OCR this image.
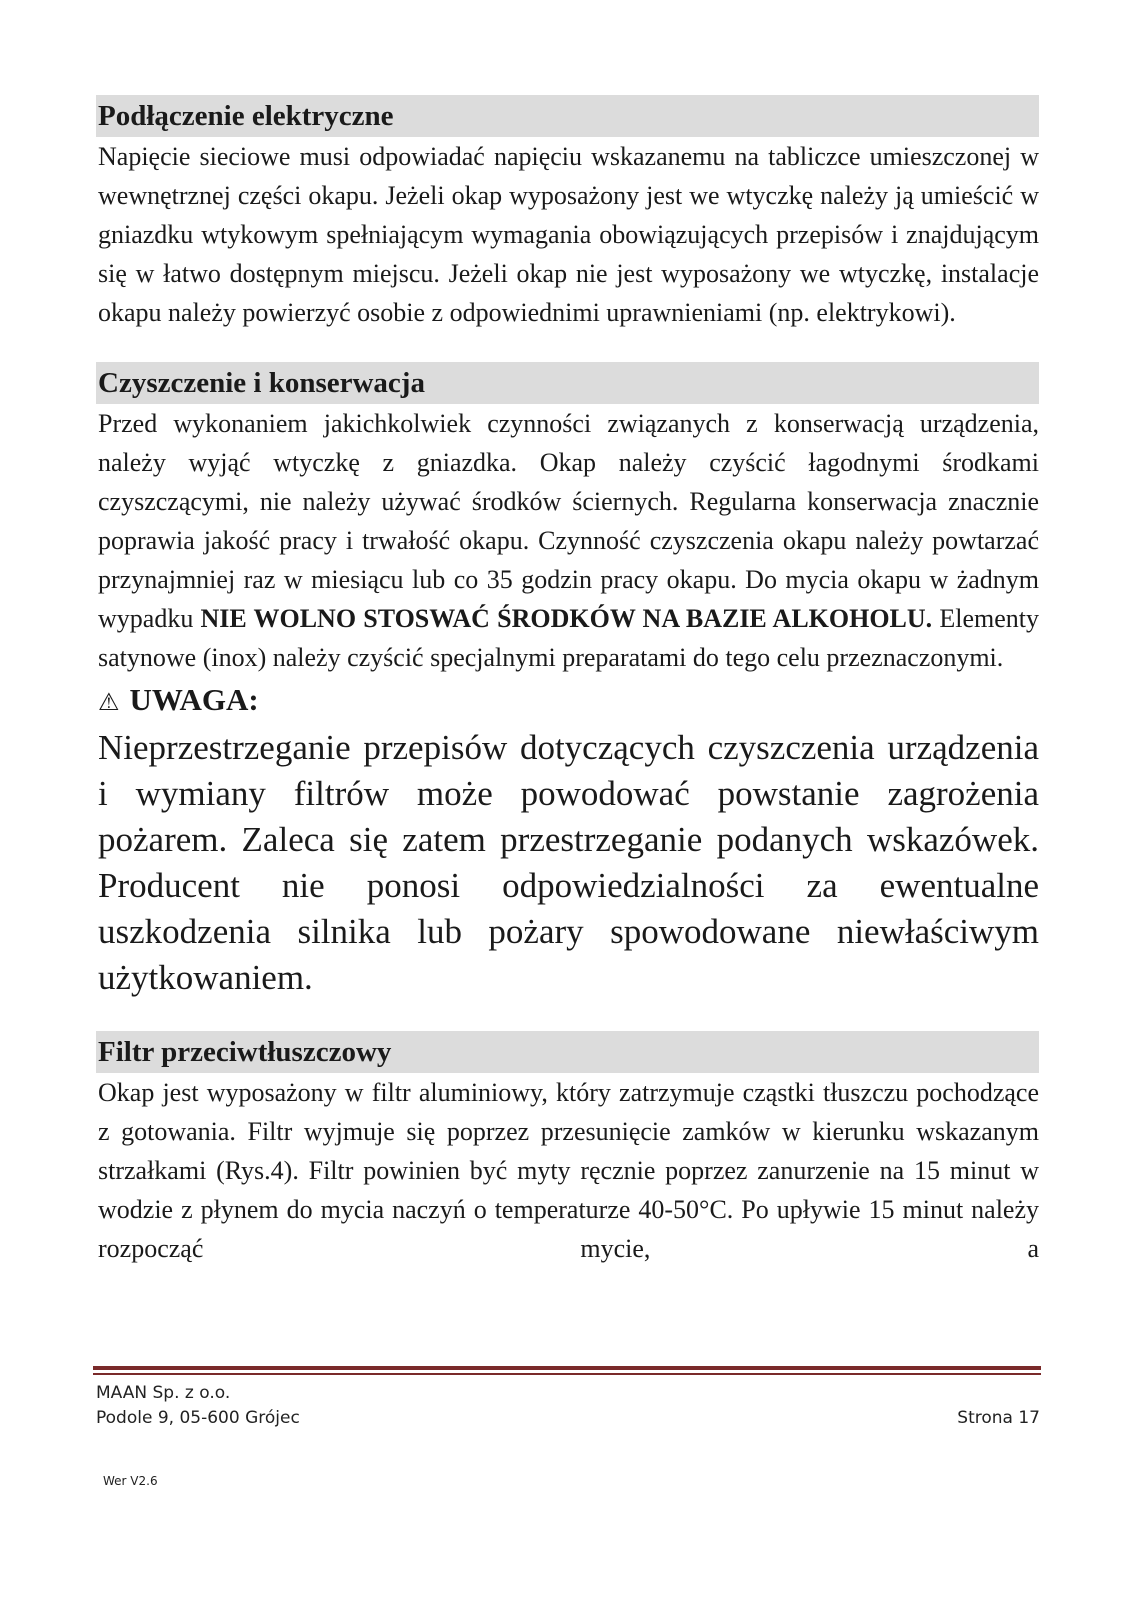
Podłączenie elektryczne

Napięcie sieciowe musi odpowiadać napięciu wskazanemu na tabliczce umieszczonej w wewnętrznej części okapu. Jeżeli okap wyposażony jest we wtyczkę należy ją umieścić w gniazdku wtykowym spełniającym wymagania obowiązujących przepisów i znajdującym się w łatwo dostępnym miejscu. Jeżeli okap nie jest wyposażony we wtyczkę, instalacje okapu należy powierzyć osobie z odpowiednimi uprawnieniami (np. elektrykowi).

Czyszczenie i konserwacja

Przed wykonaniem jakichkolwiek czynności związanych z konserwacją urządzenia, należy wyjąć wtyczkę z gniazdka. Okap należy czyścić łagodnymi środkami czyszczącymi, nie należy używać środków ściernych. Regularna konserwacja znacznie poprawia jakość pracy i trwałość okapu. Czynność czyszczenia okapu należy powtarzać przynajmniej raz w miesiącu lub co 35 godzin pracy okapu. Do mycia okapu w żadnym wypadku NIE WOLNO STOSWAĆ ŚRODKÓW NA BAZIE ALKOHOLU. Elementy satynowe (inox) należy czyścić specjalnymi preparatami do tego celu przeznaczonymi.

⚠ UWAGA:

Nieprzestrzeganie przepisów dotyczących czyszczenia urządzenia i wymiany filtrów może powodować powstanie zagrożenia pożarem. Zaleca się zatem przestrzeganie podanych wskazówek. Producent nie ponosi odpowiedzialności za ewentualne uszkodzenia silnika lub pożary spowodowane niewłaściwym użytkowaniem.

Filtr przeciwtłuszczowy

Okap jest wyposażony w filtr aluminiowy, który zatrzymuje cząstki tłuszczu pochodzące z gotowania. Filtr wyjmuje się poprzez przesunięcie zamków w kierunku wskazanym strzałkami (Rys.4). Filtr powinien być myty ręcznie poprzez zanurzenie na 15 minut w wodzie z płynem do mycia naczyń o temperaturze 40-50°C. Po upływie 15 minut należy rozpocząć mycie, a

MAAN Sp. z o.o.
Podole 9, 05-600 Grójec	Strona 17
Wer V2.6
